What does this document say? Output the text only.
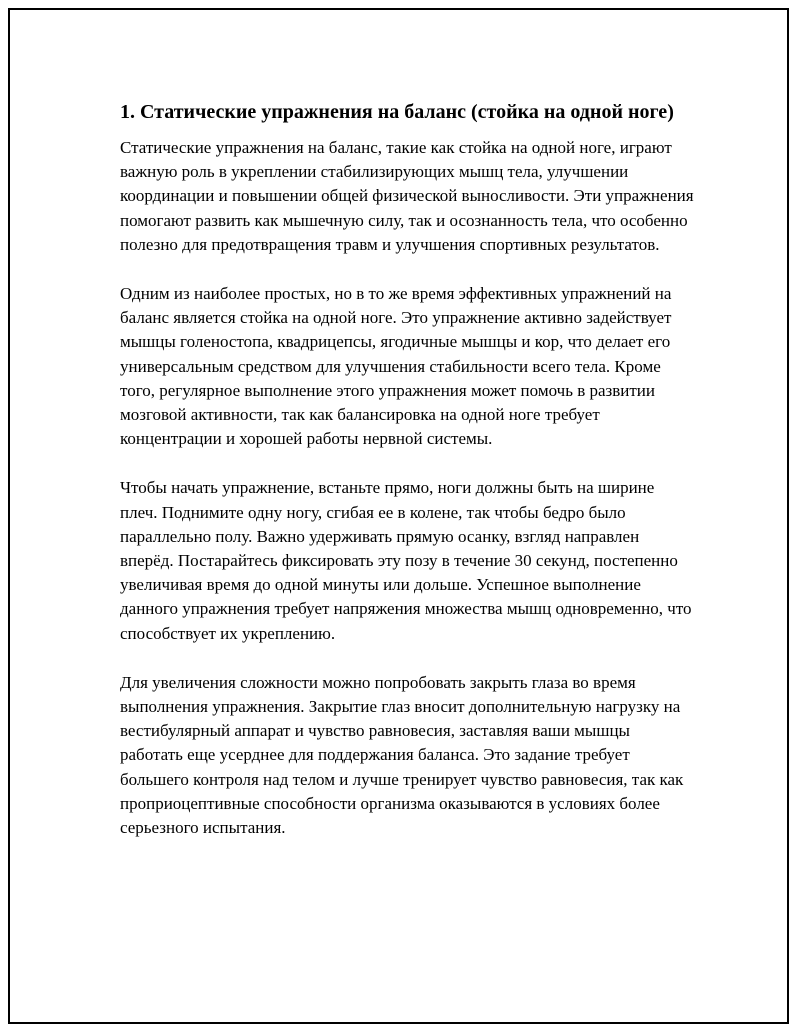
1. Статические упражнения на баланс (стойка на одной ноге)

Статические упражнения на баланс, такие как стойка на одной ноге, играют важную роль в укреплении стабилизирующих мышц тела, улучшении координации и повышении общей физической выносливости. Эти упражнения помогают развить как мышечную силу, так и осознанность тела, что особенно полезно для предотвращения травм и улучшения спортивных результатов.

Одним из наиболее простых, но в то же время эффективных упражнений на баланс является стойка на одной ноге. Это упражнение активно задействует мышцы голеностопа, квадрицепсы, ягодичные мышцы и кор, что делает его универсальным средством для улучшения стабильности всего тела. Кроме того, регулярное выполнение этого упражнения может помочь в развитии мозговой активности, так как балансировка на одной ноге требует концентрации и хорошей работы нервной системы.

Чтобы начать упражнение, встаньте прямо, ноги должны быть на ширине плеч. Поднимите одну ногу, сгибая ее в колене, так чтобы бедро было параллельно полу. Важно удерживать прямую осанку, взгляд направлен вперёд. Постарайтесь фиксировать эту позу в течение 30 секунд, постепенно увеличивая время до одной минуты или дольше. Успешное выполнение данного упражнения требует напряжения множества мышц одновременно, что способствует их укреплению.

Для увеличения сложности можно попробовать закрыть глаза во время выполнения упражнения. Закрытие глаз вносит дополнительную нагрузку на вестибулярный аппарат и чувство равновесия, заставляя ваши мышцы работать еще усерднее для поддержания баланса. Это задание требует большего контроля над телом и лучше тренирует чувство равновесия, так как проприоцептивные способности организма оказываются в условиях более серьезного испытания.
